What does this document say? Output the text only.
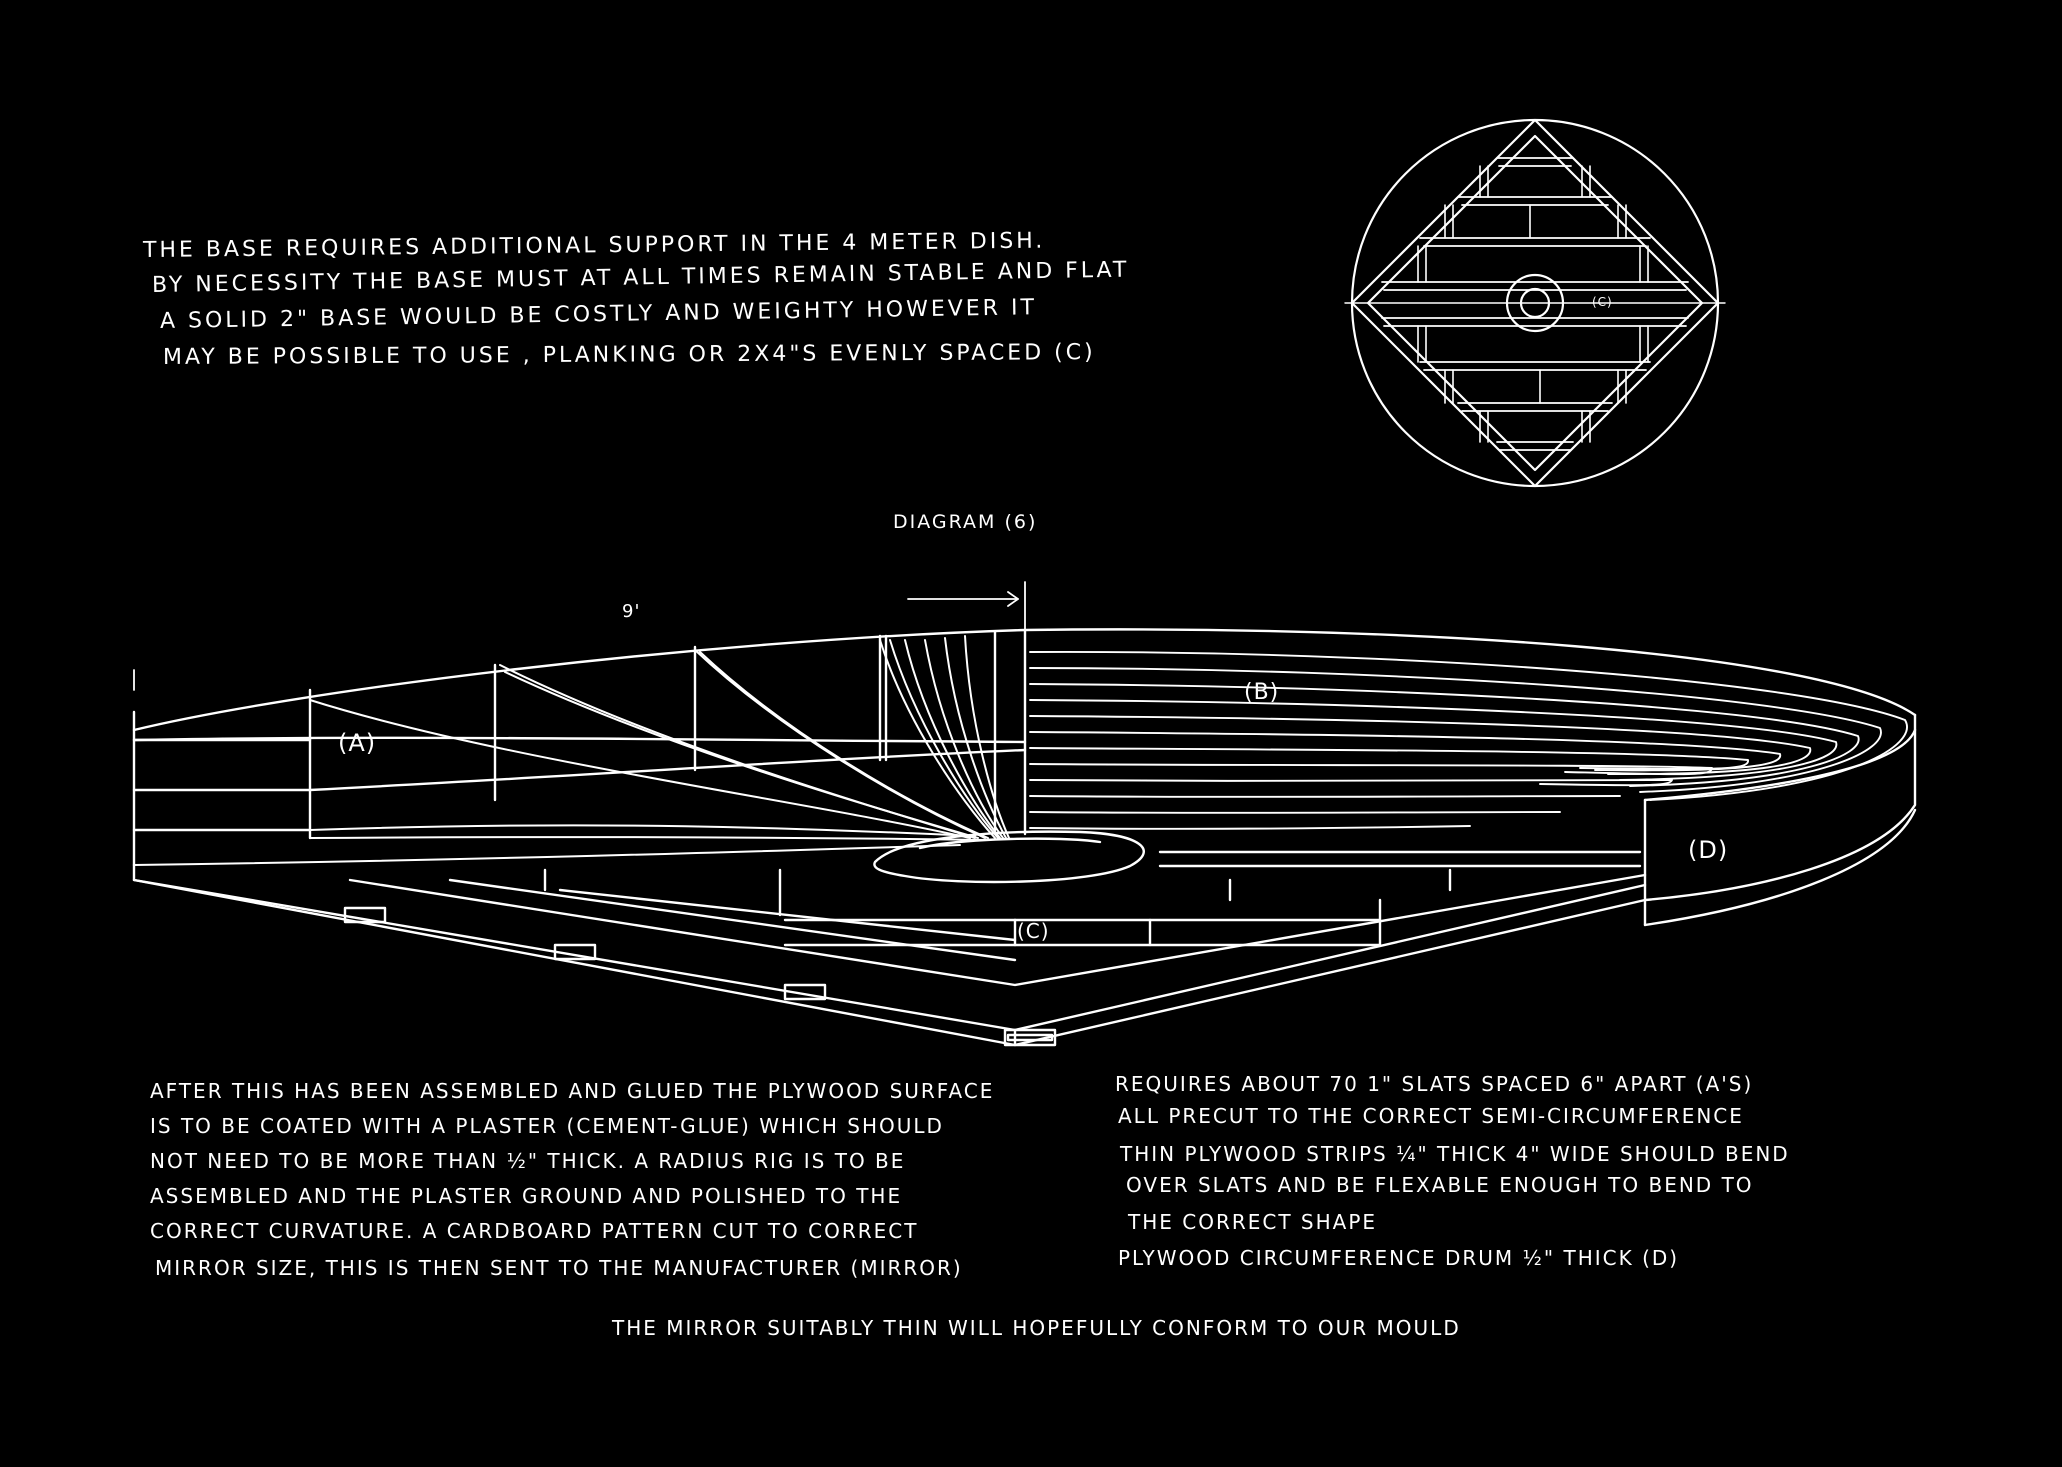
THE BASE REQUIRES ADDITIONAL SUPPORT IN THE 4 METER DISH.
BY NECESSITY THE BASE MUST AT ALL TIMES REMAIN STABLE AND FLAT
A SOLID 2" BASE WOULD BE COSTLY AND WEIGHTY HOWEVER IT
MAY BE POSSIBLE TO USE , PLANKING OR 2X4"S EVENLY SPACED (C)
DIAGRAM (6)
9'
(A)
(B)
(C)
(D)
(C)
AFTER THIS HAS BEEN ASSEMBLED AND GLUED THE PLYWOOD SURFACE
IS TO BE COATED WITH A PLASTER (CEMENT-GLUE) WHICH SHOULD
NOT NEED TO BE MORE THAN ½" THICK. A RADIUS RIG IS TO BE
ASSEMBLED AND THE PLASTER GROUND AND POLISHED TO THE
CORRECT CURVATURE. A CARDBOARD PATTERN CUT TO CORRECT
MIRROR SIZE, THIS IS THEN SENT TO THE MANUFACTURER (MIRROR)
REQUIRES ABOUT 70 1" SLATS SPACED 6" APART (A'S)
ALL PRECUT TO THE CORRECT SEMI-CIRCUMFERENCE
THIN PLYWOOD STRIPS ¼" THICK 4" WIDE SHOULD BEND
OVER SLATS AND BE FLEXABLE ENOUGH TO BEND TO
THE CORRECT SHAPE
PLYWOOD CIRCUMFERENCE DRUM ½" THICK (D)
THE MIRROR SUITABLY THIN WILL HOPEFULLY CONFORM TO OUR MOULD
